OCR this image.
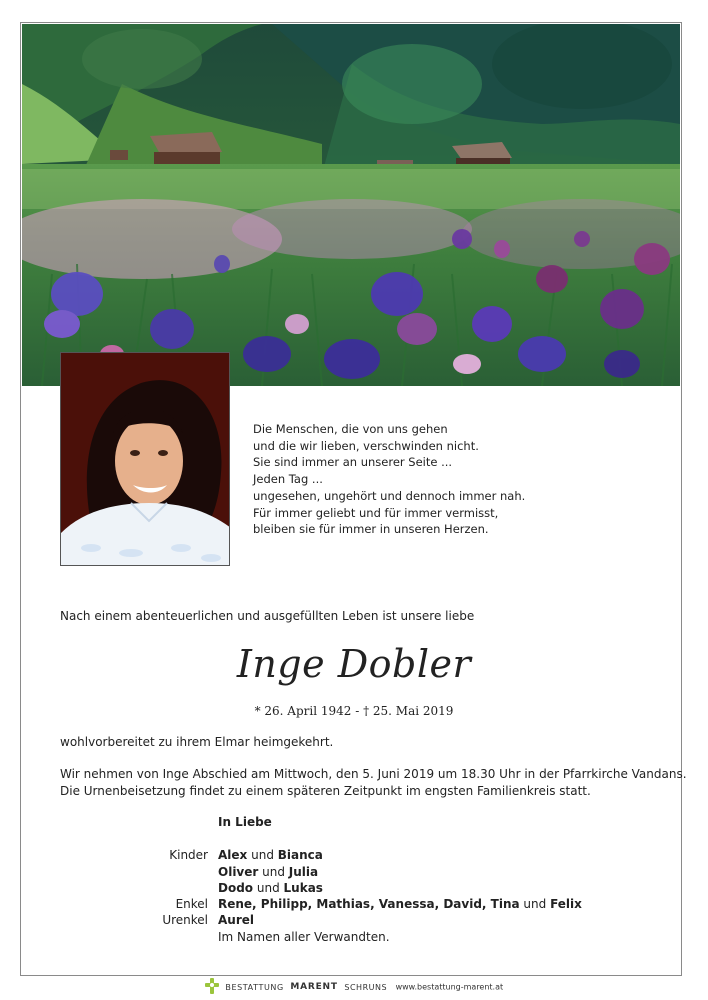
Die Menschen, die von uns gehen
und die wir lieben, verschwinden nicht.
Sie sind immer an unserer Seite ...
Jeden Tag ...
ungesehen, ungehört und dennoch immer nah.
Für immer geliebt und für immer vermisst,
bleiben sie für immer in unseren Herzen.
Nach einem abenteuerlichen und ausgefüllten Leben ist unsere liebe
Inge Dobler
* 26. April 1942 - † 25. Mai 2019
wohlvorbereitet zu ihrem Elmar heimgekehrt.
Wir nehmen von Inge Abschied am Mittwoch, den 5. Juni 2019 um 18.30 Uhr in der Pfarrkirche Vandans.
Die Urnenbeisetzung findet zu einem späteren Zeitpunkt im engsten Familienkreis statt.
In Liebe
Kinder Alex und Bianca
Oliver und Julia
Dodo und Lukas
Enkel Rene, Philipp, Mathias, Vanessa, David, Tina und Felix
Urenkel Aurel
Im Namen aller Verwandten.
BESTATTUNG MARENT SCHRUNS www.bestattung-marent.at
